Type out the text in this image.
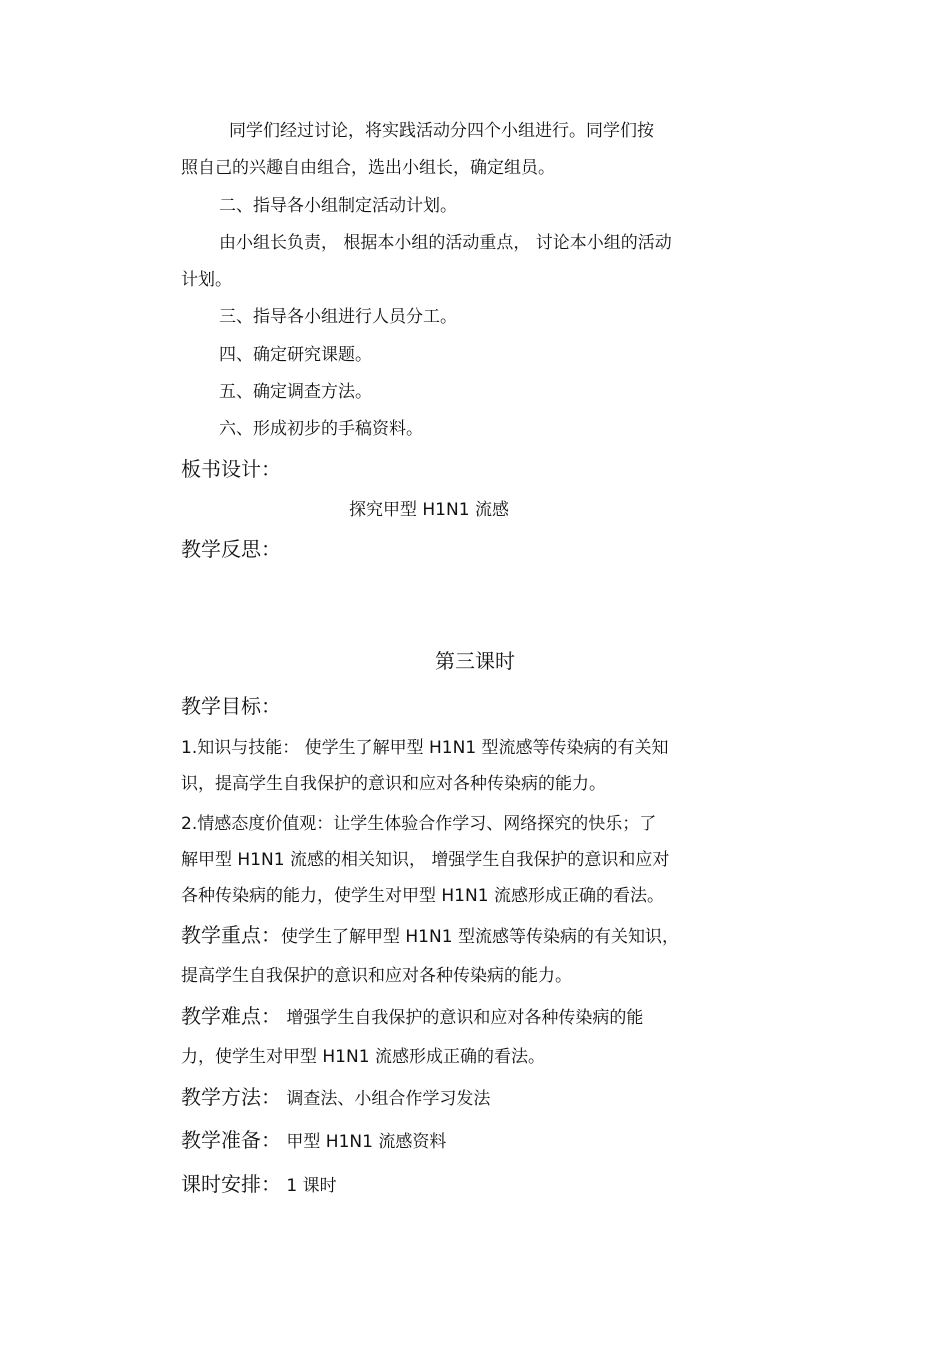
同学们经过讨论，将实践活动分四个小组进行。同学们按
照自己的兴趣自由组合，选出小组长，确定组员。
二、指导各小组制定活动计划。
由小组长负责， 根据本小组的活动重点， 讨论本小组的活动
计划。
三、指导各小组进行人员分工。
四、确定研究课题。
五、确定调查方法。
六、形成初步的手稿资料。
板书设计：
探究甲型 H1N1 流感
教学反思：
第三课时
教学目标：
1.知识与技能： 使学生了解甲型 H1N1 型流感等传染病的有关知
识，提高学生自我保护的意识和应对各种传染病的能力。
2.情感态度价值观：让学生体验合作学习、网络探究的快乐；了
解甲型 H1N1 流感的相关知识， 增强学生自我保护的意识和应对
各种传染病的能力，使学生对甲型 H1N1 流感形成正确的看法。
教学重点：使学生了解甲型 H1N1 型流感等传染病的有关知识，
提高学生自我保护的意识和应对各种传染病的能力。
教学难点： 增强学生自我保护的意识和应对各种传染病的能
力，使学生对甲型 H1N1 流感形成正确的看法。
教学方法： 调查法、小组合作学习发法
教学准备： 甲型 H1N1 流感资料
课时安排： 1 课时
